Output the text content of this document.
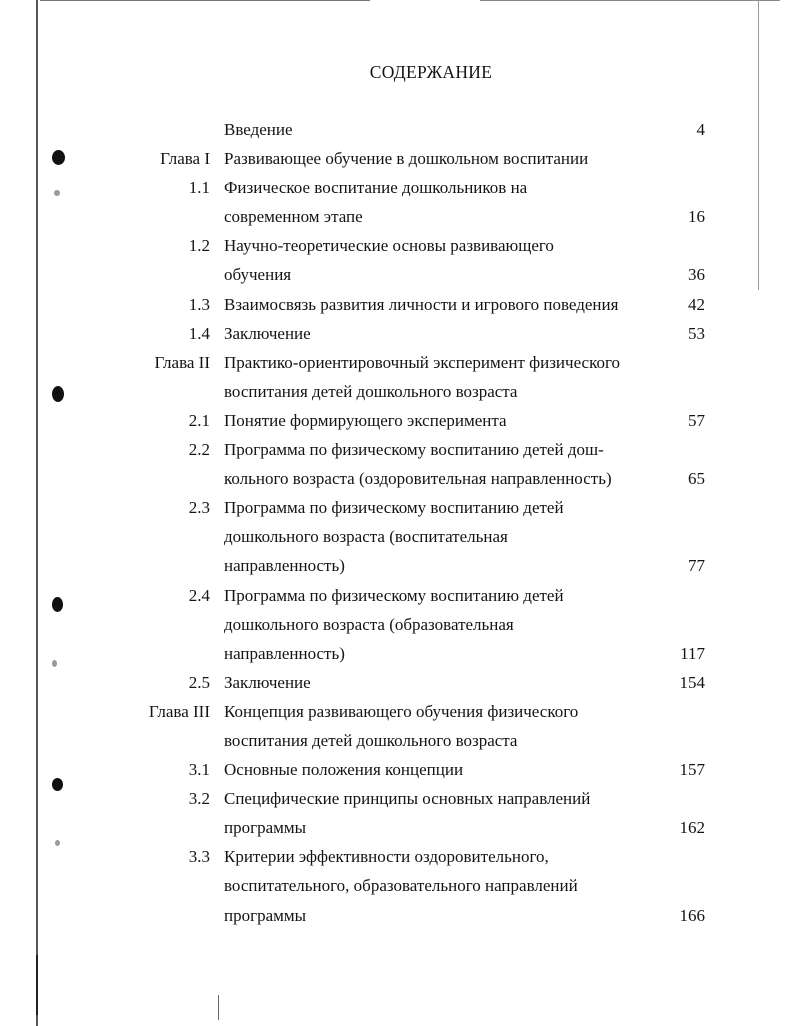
СОДЕРЖАНИЕ
Введение	4
Глава I Развивающее обучение в дошкольном воспитании
1.1 Физическое воспитание дошкольников на
современном этапе	16
1.2 Научно-теоретические основы развивающего
обучения	36
1.3 Взаимосвязь развития личности и игрового поведения	42
1.4 Заключение	53
Глава II Практико-ориентировочный эксперимент физического
воспитания детей дошкольного возраста
2.1 Понятие формирующего эксперимента	57
2.2 Программа по физическому воспитанию детей дош-
кольного возраста (оздоровительная направленность)	65
2.3 Программа по физическому воспитанию детей
дошкольного возраста (воспитательная
направленность)	77
2.4 Программа по физическому воспитанию детей
дошкольного возраста (образовательная
направленность)	117
2.5 Заключение	154
Глава III Концепция развивающего обучения физического
воспитания детей дошкольного возраста
3.1 Основные положения концепции	157
3.2 Специфические принципы основных направлений
программы	162
3.3 Критерии эффективности оздоровительного,
воспитательного, образовательного направлений
программы	166
